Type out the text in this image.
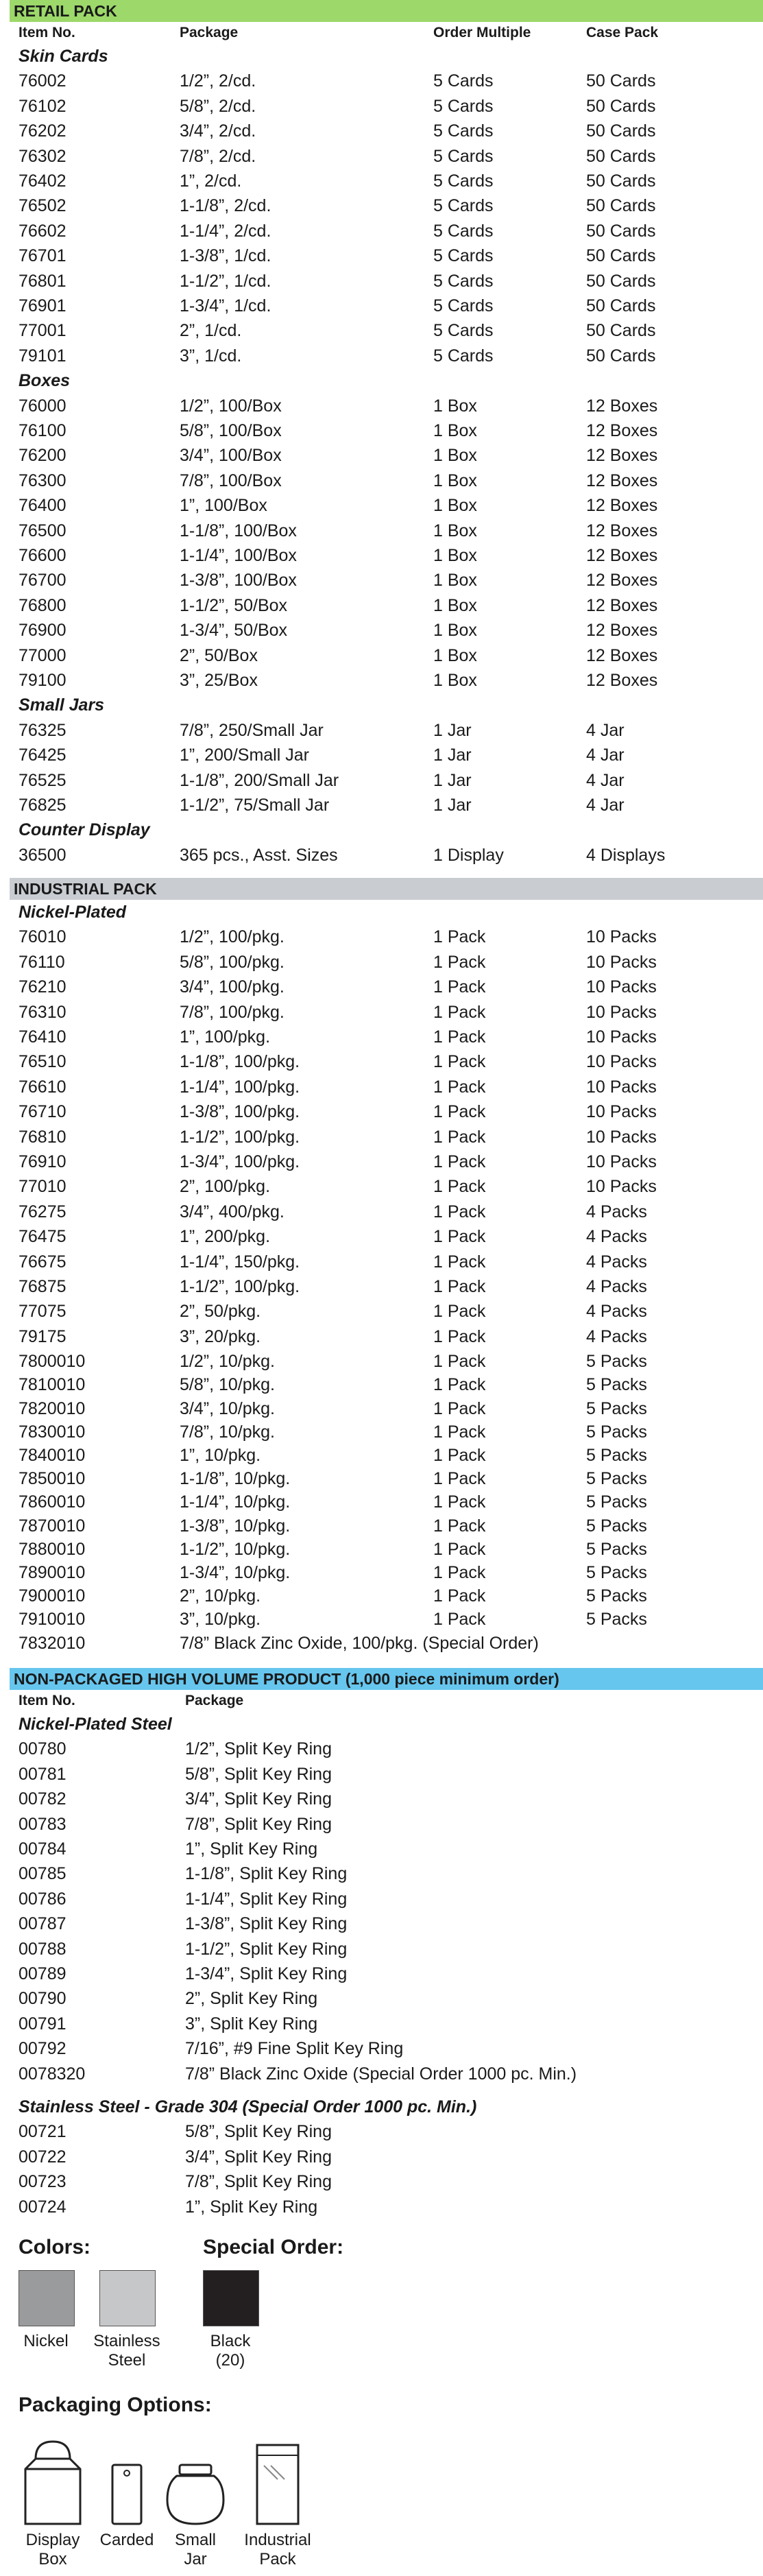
RETAIL PACK
Item No.	Package	Order Multiple	Case Pack
Skin Cards
76002	1/2”, 2/cd.	5 Cards	50 Cards
76102	5/8”, 2/cd.	5 Cards	50 Cards
76202	3/4”, 2/cd.	5 Cards	50 Cards
76302	7/8”, 2/cd.	5 Cards	50 Cards
76402	1”, 2/cd.	5 Cards	50 Cards
76502	1-1/8”, 2/cd.	5 Cards	50 Cards
76602	1-1/4”, 2/cd.	5 Cards	50 Cards
76701	1-3/8”, 1/cd.	5 Cards	50 Cards
76801	1-1/2”, 1/cd.	5 Cards	50 Cards
76901	1-3/4”, 1/cd.	5 Cards	50 Cards
77001	2”, 1/cd.	5 Cards	50 Cards
79101	3”, 1/cd.	5 Cards	50 Cards
Boxes
76000	1/2”, 100/Box	1 Box	12 Boxes
76100	5/8”, 100/Box	1 Box	12 Boxes
76200	3/4”, 100/Box	1 Box	12 Boxes
76300	7/8”, 100/Box	1 Box	12 Boxes
76400	1”, 100/Box	1 Box	12 Boxes
76500	1-1/8”, 100/Box	1 Box	12 Boxes
76600	1-1/4”, 100/Box	1 Box	12 Boxes
76700	1-3/8”, 100/Box	1 Box	12 Boxes
76800	1-1/2”, 50/Box	1 Box	12 Boxes
76900	1-3/4”, 50/Box	1 Box	12 Boxes
77000	2”, 50/Box	1 Box	12 Boxes
79100	3”, 25/Box	1 Box	12 Boxes
Small Jars
76325	7/8”, 250/Small Jar	1 Jar	4 Jar
76425	1”, 200/Small Jar	1 Jar	4 Jar
76525	1-1/8”, 200/Small Jar	1 Jar	4 Jar
76825	1-1/2”, 75/Small Jar	1 Jar	4 Jar
Counter Display
36500	365 pcs., Asst. Sizes	1 Display	4 Displays
INDUSTRIAL PACK
Nickel-Plated
76010	1/2”, 100/pkg.	1 Pack	10 Packs
76110	5/8”, 100/pkg.	1 Pack	10 Packs
76210	3/4”, 100/pkg.	1 Pack	10 Packs
76310	7/8”, 100/pkg.	1 Pack	10 Packs
76410	1”, 100/pkg.	1 Pack	10 Packs
76510	1-1/8”, 100/pkg.	1 Pack	10 Packs
76610	1-1/4”, 100/pkg.	1 Pack	10 Packs
76710	1-3/8”, 100/pkg.	1 Pack	10 Packs
76810	1-1/2”, 100/pkg.	1 Pack	10 Packs
76910	1-3/4”, 100/pkg.	1 Pack	10 Packs
77010	2”, 100/pkg.	1 Pack	10 Packs
76275	3/4”, 400/pkg.	1 Pack	4 Packs
76475	1”, 200/pkg.	1 Pack	4 Packs
76675	1-1/4”, 150/pkg.	1 Pack	4 Packs
76875	1-1/2”, 100/pkg.	1 Pack	4 Packs
77075	2”, 50/pkg.	1 Pack	4 Packs
79175	3”, 20/pkg.	1 Pack	4 Packs
7800010	1/2”, 10/pkg.	1 Pack	5 Packs
7810010	5/8”, 10/pkg.	1 Pack	5 Packs
7820010	3/4”, 10/pkg.	1 Pack	5 Packs
7830010	7/8”, 10/pkg.	1 Pack	5 Packs
7840010	1”, 10/pkg.	1 Pack	5 Packs
7850010	1-1/8”, 10/pkg.	1 Pack	5 Packs
7860010	1-1/4”, 10/pkg.	1 Pack	5 Packs
7870010	1-3/8”, 10/pkg.	1 Pack	5 Packs
7880010	1-1/2”, 10/pkg.	1 Pack	5 Packs
7890010	1-3/4”, 10/pkg.	1 Pack	5 Packs
7900010	2”, 10/pkg.	1 Pack	5 Packs
7910010	3”, 10/pkg.	1 Pack	5 Packs
7832010	7/8” Black Zinc Oxide, 100/pkg. (Special Order)
NON-PACKAGED HIGH VOLUME PRODUCT (1,000 piece minimum order)
Item No.	Package
Nickel-Plated Steel
00780	1/2”, Split Key Ring
00781	5/8”, Split Key Ring
00782	3/4”, Split Key Ring
00783	7/8”, Split Key Ring
00784	1”, Split Key Ring
00785	1-1/8”, Split Key Ring
00786	1-1/4”, Split Key Ring
00787	1-3/8”, Split Key Ring
00788	1-1/2”, Split Key Ring
00789	1-3/4”, Split Key Ring
00790	2”, Split Key Ring
00791	3”, Split Key Ring
00792	7/16”, #9 Fine Split Key Ring
0078320	7/8” Black Zinc Oxide (Special Order 1000 pc. Min.)
Stainless Steel - Grade 304 (Special Order 1000 pc. Min.)
00721	5/8”, Split Key Ring
00722	3/4”, Split Key Ring
00723	7/8”, Split Key Ring
00724	1”, Split Key Ring
Colors:	Special Order:
Nickel	Stainless
Steel
Black
(20)
Packaging Options:
Display
Box
Carded	Small
Jar
Industrial
Pack
